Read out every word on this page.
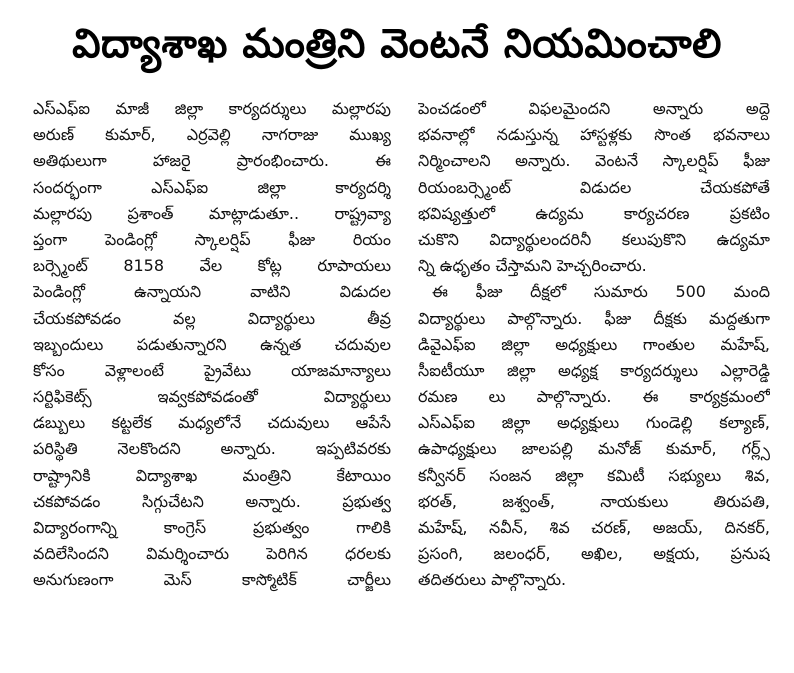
విద్యాశాఖ మంత్రిని వెంటనే నియమించాలి
ఎస్ఎఫ్ఐ మాజీ జిల్లా కార్యదర్శులు మల్లారపు
అరుణ్ కుమార్, ఎర్రవెల్లి నాగరాజు ముఖ్య
అతిథులుగా హాజరై ప్రారంభించారు. ఈ
సందర్భంగా ఎస్ఎఫ్ఐ జిల్లా కార్యదర్శి
మల్లారపు ప్రశాంత్ మాట్లాడుతూ.. రాష్ట్రవ్యా
ప్తంగా పెండింగ్లో స్కాలర్షిప్ ఫీజు రియం
బర్స్మెంట్ 8158 వేల కోట్ల రూపాయలు
పెండింగ్లో ఉన్నాయని వాటిని విడుదల
చేయకపోవడం వల్ల విద్యార్థులు తీవ్ర
ఇబ్బందులు పడుతున్నారని ఉన్నత చదువుల
కోసం వెళ్లాలంటే ప్రైవేటు యాజమాన్యాలు
సర్టిఫికెట్స్ ఇవ్వకపోవడంతో విద్యార్థులు
డబ్బులు కట్టలేక మధ్యలోనే చదువులు ఆపేసే
పరిస్థితి నెలకొందని అన్నారు. ఇప్పటివరకు
రాష్ట్రానికి విద్యాశాఖ మంత్రిని కేటాయిం
చకపోవడం సిగ్గుచేటని అన్నారు. ప్రభుత్వ
విద్యారంగాన్ని కాంగ్రెస్ ప్రభుత్వం గాలికి
వదిలేసిందని విమర్శించారు పెరిగిన ధరలకు
అనుగుణంగా మెస్ కాస్మోటిక్ చార్జీలు
పెంచడంలో విఫలమైందని అన్నారు అద్దె
భవనాల్లో నడుస్తున్న హాస్టళ్లకు సొంత భవనాలు
నిర్మించాలని అన్నారు. వెంటనే స్కాలర్షిప్ ఫీజు
రియంబర్స్మెంట్ విడుదల చేయకపోతే
భవిష్యత్తులో ఉద్యమ కార్యచరణ ప్రకటిం
చుకొని విద్యార్థులందరినీ కలుపుకొని ఉద్యమా
న్ని ఉధృతం చేస్తామని హెచ్చరించారు.
ఈ ఫీజు దీక్షలో సుమారు 500 మంది
విద్యార్థులు పాల్గొన్నారు. ఫీజు దీక్షకు మద్దతుగా
డివైఎఫ్ఐ జిల్లా అధ్యక్షులు గాంతుల మహేష్,
సీఐటీయూ జిల్లా అధ్యక్ష కార్యదర్శులు ఎల్లారెడ్డి
రమణ లు పాల్గొన్నారు. ఈ కార్యక్రమంలో
ఎస్ఎఫ్ఐ జిల్లా అధ్యక్షులు గుండెల్లి కల్యాణ్,
ఉపాధ్యక్షులు జాలపల్లి మనోజ్ కుమార్, గర్ల్స్
కన్వీనర్ సంజన జిల్లా కమిటీ సభ్యులు శివ,
భరత్, జశ్వంత్, నాయకులు తిరుపతి,
మహేష్, నవీన్, శివ చరణ్, అజయ్, దినకర్,
ప్రసంగి, జలంధర్, అఖిల, అక్షయ, ప్రనుష
తదితరులు పాల్గొన్నారు.
